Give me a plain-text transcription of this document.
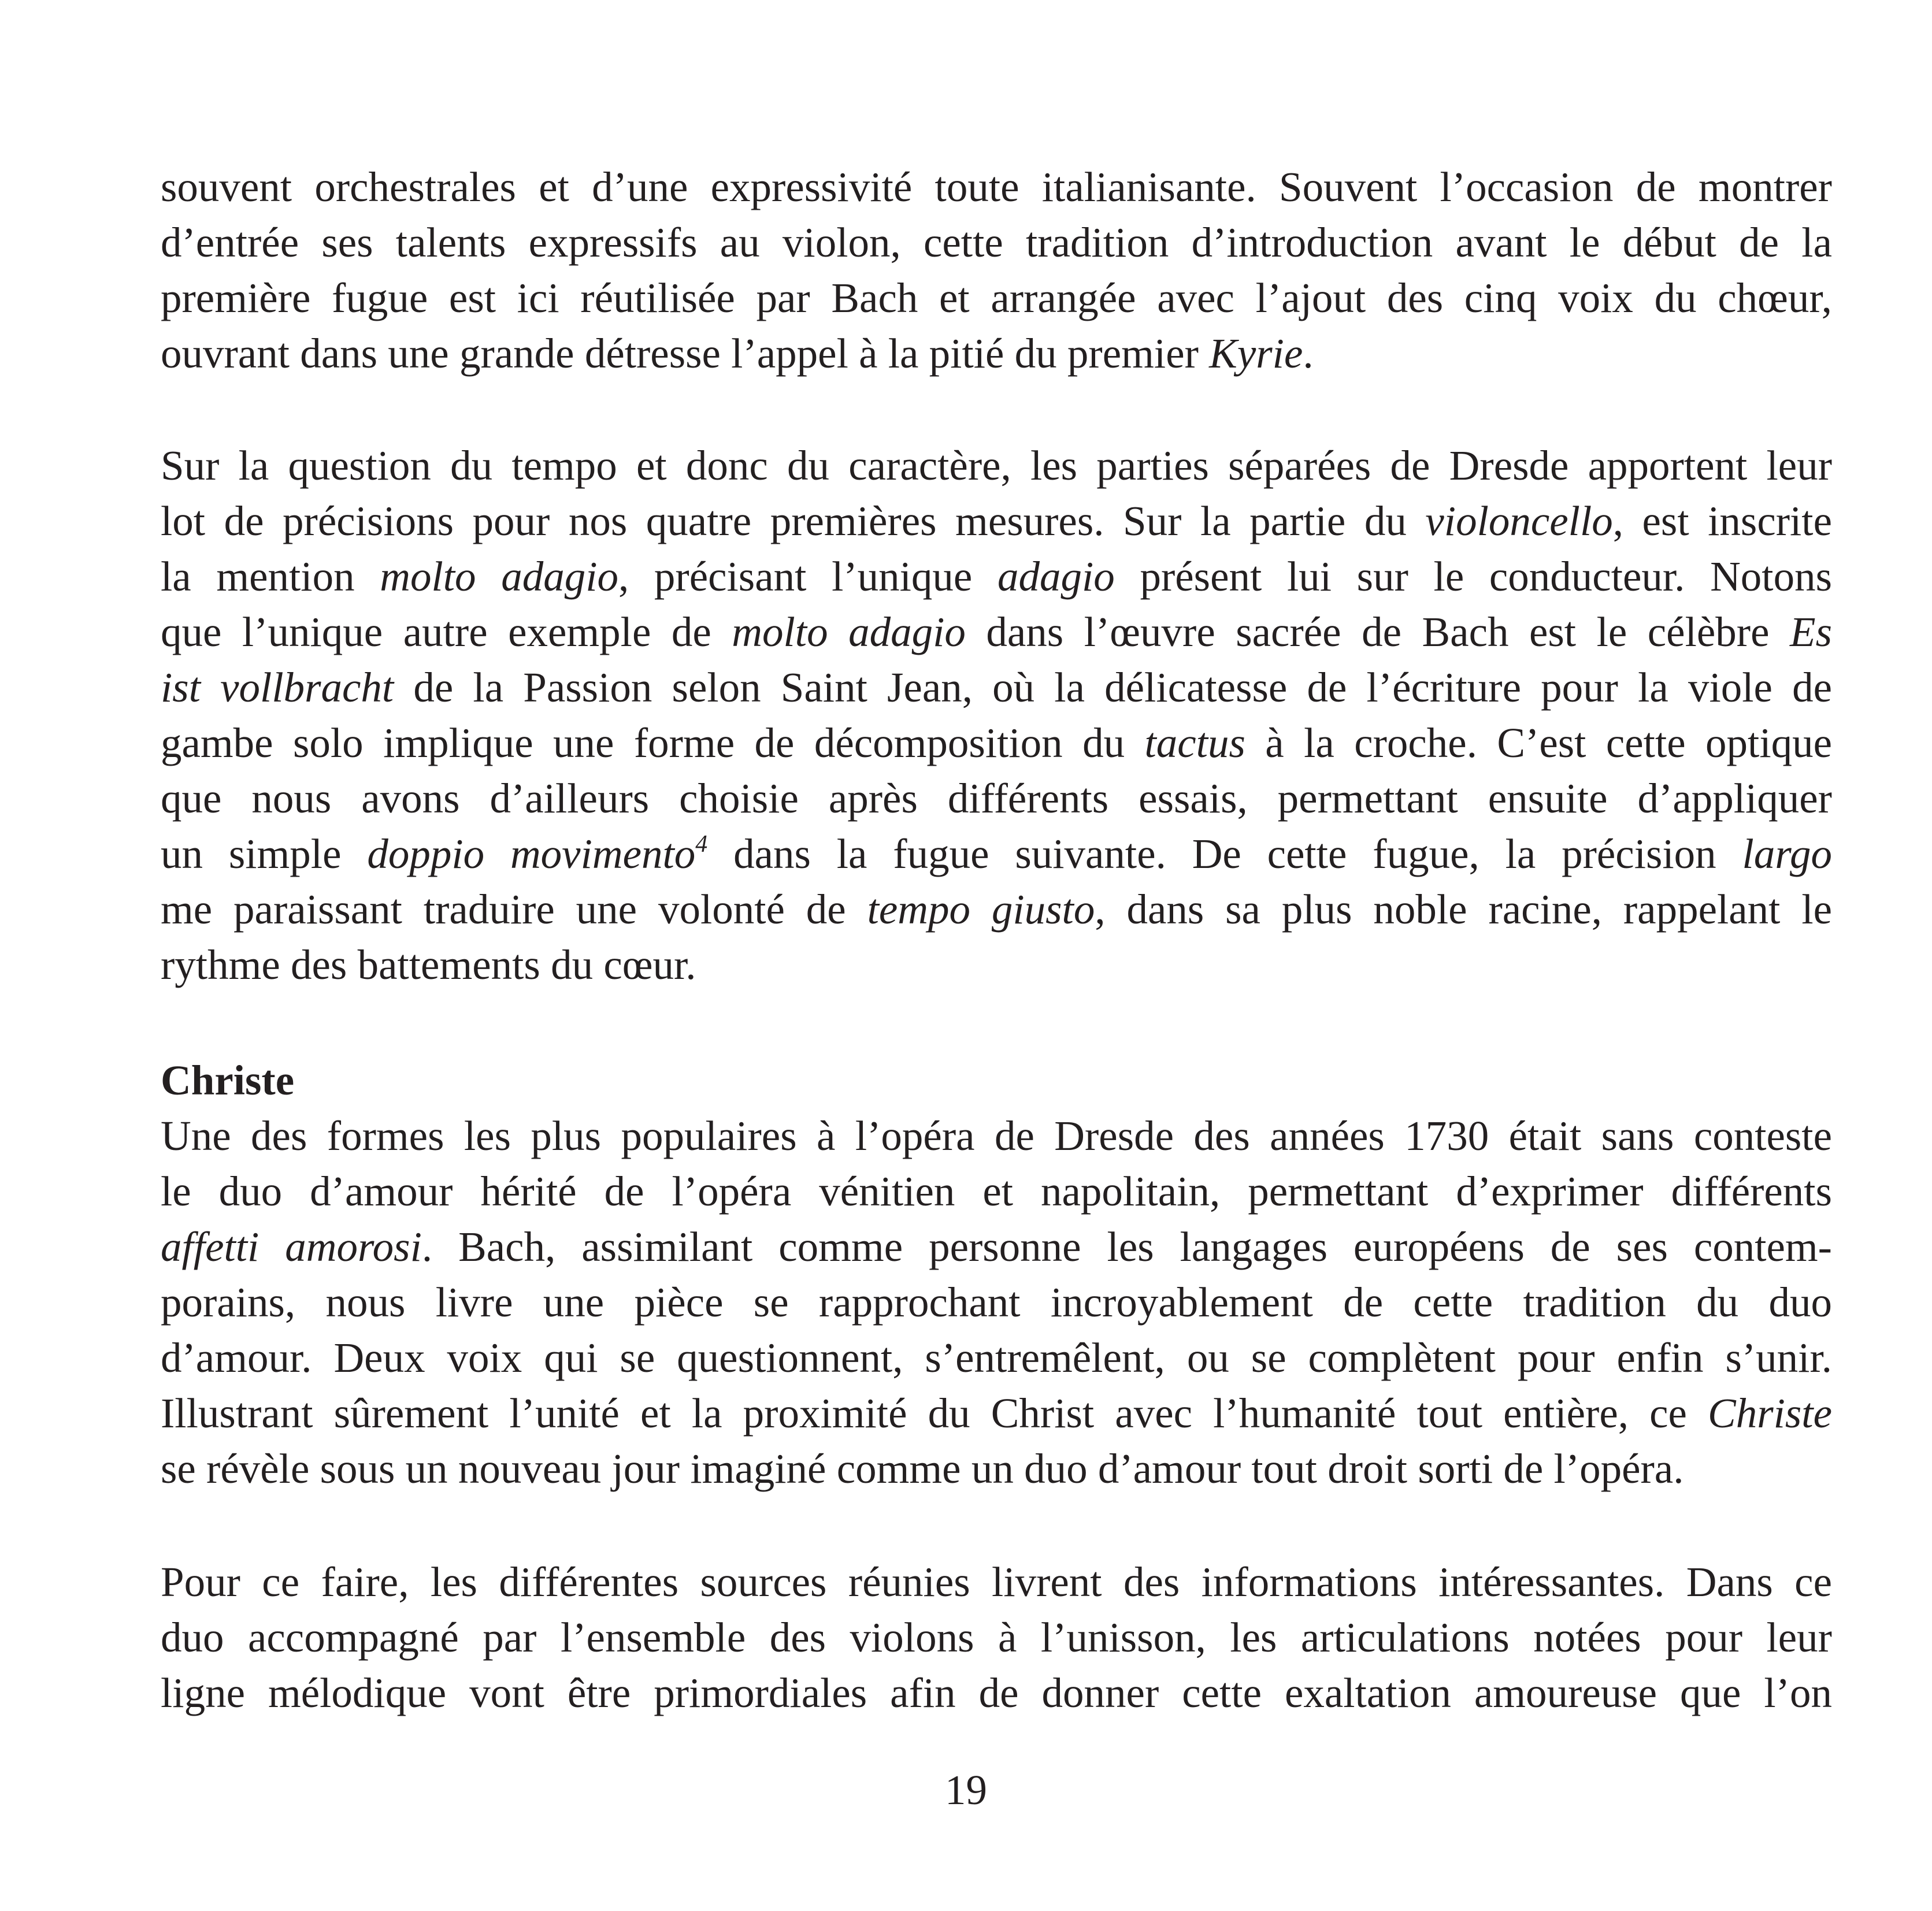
souvent orchestrales et d’une expressivité toute italianisante. Souvent l’occasion de montrer
d’entrée ses talents expressifs au violon, cette tradition d’introduction avant le début de la
première fugue est ici réutilisée par Bach et arrangée avec l’ajout des cinq voix du chœur,
ouvrant dans une grande détresse l’appel à la pitié du premier Kyrie.
Sur la question du tempo et donc du caractère, les parties séparées de Dresde apportent leur
lot de précisions pour nos quatre premières mesures. Sur la partie du violoncello, est inscrite
la mention molto adagio, précisant l’unique adagio présent lui sur le conducteur. Notons
que l’unique autre exemple de molto adagio dans l’œuvre sacrée de Bach est le célèbre Es
ist vollbracht de la Passion selon Saint Jean, où la délicatesse de l’écriture pour la viole de
gambe solo implique une forme de décomposition du tactus à la croche. C’est cette optique
que nous avons d’ailleurs choisie après différents essais, permettant ensuite d’appliquer
un simple doppio movimento$^4$ dans la fugue suivante. De cette fugue, la précision largo
me paraissant traduire une volonté de tempo giusto, dans sa plus noble racine, rappelant le
rythme des battements du cœur.
Christe
Une des formes les plus populaires à l’opéra de Dresde des années 1730 était sans conteste
le duo d’amour hérité de l’opéra vénitien et napolitain, permettant d’exprimer différents
affetti amorosi. Bach, assimilant comme personne les langages européens de ses contem-
porains, nous livre une pièce se rapprochant incroyablement de cette tradition du duo
d’amour. Deux voix qui se questionnent, s’entremêlent, ou se complètent pour enfin s’unir.
Illustrant sûrement l’unité et la proximité du Christ avec l’humanité tout entière, ce Christe
se révèle sous un nouveau jour imaginé comme un duo d’amour tout droit sorti de l’opéra.
Pour ce faire, les différentes sources réunies livrent des informations intéressantes. Dans ce
duo accompagné par l’ensemble des violons à l’unisson, les articulations notées pour leur
ligne mélodique vont être primordiales afin de donner cette exaltation amoureuse que l’on
19
